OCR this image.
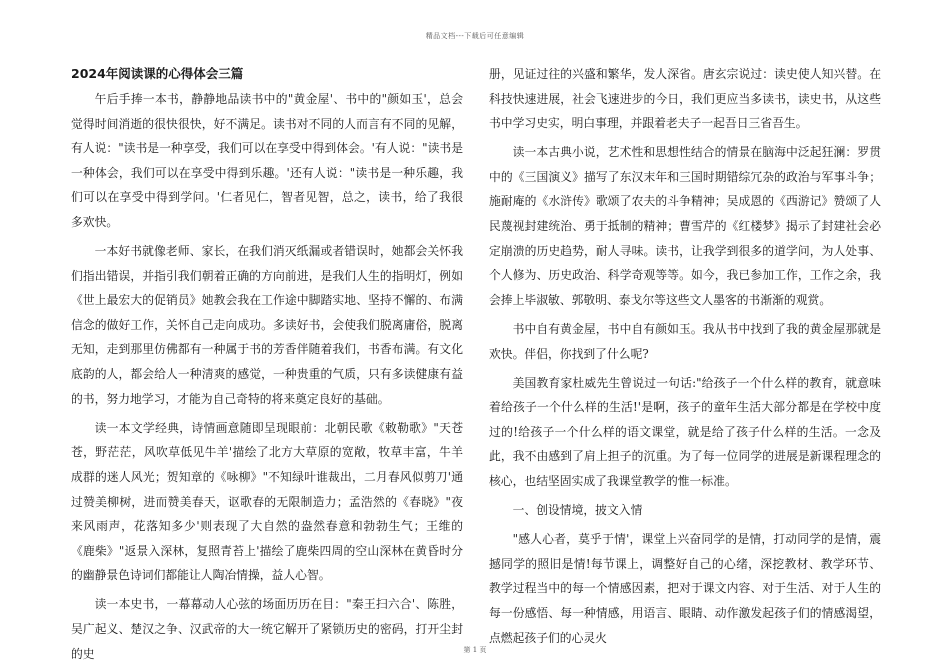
精品文档---下载后可任意编辑
2024年阅读课的心得体会三篇

午后手捧一本书，静静地品读书中的"黄金屋'、书中的"颜如玉'，总会觉得时间消逝的很快很快，好不满足。读书对不同的人而言有不同的见解，有人说："读书是一种享受，我们可以在享受中得到体会。'有人说："读书是一种体会，我们可以在享受中得到乐趣。'还有人说："读书是一种乐趣，我们可以在享受中得到学问。'仁者见仁，智者见智，总之，读书，给了我很多欢快。

一本好书就像老师、家长，在我们消灭纸漏或者错误时，她都会关怀我们指出错误，并指引我们朝着正确的方向前进，是我们人生的指明灯，例如《世上最宏大的促销员》她教会我在工作途中脚踏实地、坚持不懈的、布满信念的做好工作，关怀自己走向成功。多读好书，会使我们脱离庸俗，脱离无知，走到那里仿佛都有一种属于书的芳香伴随着我们，书香布满。有文化底韵的人，都会给人一种清爽的感觉，一种贵重的气质，只有多读健康有益的书，努力地学习，才能为自己奇特的将来奠定良好的基础。

读一本文学经典，诗情画意随即呈现眼前：北朝民歌《敕勒歌》"天苍苍，野茫茫，风吹草低见牛羊'描绘了北方大草原的宽敞，牧草丰富，牛羊成群的迷人风光；贺知章的《咏柳》"不知绿叶谁裁出，二月春风似剪刀'通过赞美柳树，进而赞美春天，讴歌春的无限制造力；孟浩然的《春晓》"夜来风雨声，花落知多少'则表现了大自然的盎然春意和勃勃生气；王维的《鹿柴》"返景入深林，复照青苔上'描绘了鹿柴四周的空山深林在黄昏时分的幽静景色诗词们都能让人陶冶情操，益人心智。

读一本史书，一幕幕动人心弦的场面历历在目："秦王扫六合'、陈胜，吴广起义、楚汉之争、汉武帝的大一统它解开了紧锁历史的密码，打开尘封的史

册，见证过往的兴盛和繁华，发人深省。唐玄宗说过：读史使人知兴替。在科技快速进展，社会飞速进步的今日，我们更应当多读书，读史书，从这些书中学习史实，明白事理，并跟着老夫子一起吾日三省吾生。

读一本古典小说，艺术性和思想性结合的情景在脑海中泛起狂澜：罗贯中的《三国演义》描写了东汉末年和三国时期错综冗杂的政治与军事斗争；施耐庵的《水浒传》歌颂了农夫的斗争精神；吴成恩的《西游记》赞颂了人民蔑视封建统治、勇于抵制的精神；曹雪芹的《红楼梦》揭示了封建社会必定崩溃的历史趋势，耐人寻味。读书，让我学到很多的道学问，为人处事、个人修为、历史政治、科学奇观等等。如今，我已参加工作，工作之余，我会捧上毕淑敏、郭敬明、泰戈尔等这些文人墨客的书渐渐的观赏。

书中自有黄金屋，书中自有颜如玉。我从书中找到了我的黄金屋那就是欢快。伴侣，你找到了什么呢?

美国教育家杜威先生曾说过一句话:"给孩子一个什么样的教育，就意味着给孩子一个什么样的生活!'是啊，孩子的童年生活大部分都是在学校中度过的!给孩子一个什么样的语文课堂，就是给了孩子什么样的生活。一念及此，我不由感到了肩上担子的沉重。为了每一位同学的进展是新课程理念的核心，也结坚固实成了我课堂教学的惟一标准。

一、创设情境，披文入情

"感人心者，莫乎于情'，课堂上兴奋同学的是情，打动同学的是情，震撼同学的照旧是情!每节课上，调整好自己的心绪，深挖教材、教学环节、教学过程当中的每一个情感因素，把对于课文内容、对于生活、对于人生的每一份感悟、每一种情感，用语言、眼睛、动作激发起孩子们的情感渴望，点燃起孩子们的心灵火

第 1 页
